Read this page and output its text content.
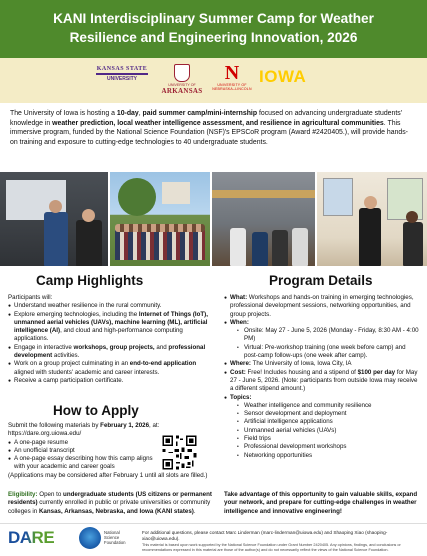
KANI Interdisciplinary Summer Camp for Weather
Resilience and Engineering Innovation, 2026
KANSAS STATE
UNIVERSITY
UNIVERSITY OF
ARKANSAS
N
UNIVERSITY OF NEBRASKA–LINCOLN
IOWA
The University of Iowa is hosting a 10-day, paid summer camp/mini-internship focused on advancing undergraduate students' knowledge in weather prediction, local weather intelligence assessment, and resilience in agricultural communities. This immersive program, funded by the National Science Foundation (NSF)'s EPSCoR program (Award #2420405.), will provide hands-on training and exposure to cutting-edge technologies to 40 undergraduate students.
Camp Highlights

Participants will:

● Understand weather resilience in the rural community.
● Explore emerging technologies, including the Internet of Things (IoT), unmanned aerial vehicles (UAVs), machine learning (ML), artificial intelligence (AI), and cloud and high-performance computing applications.
● Engage in interactive workshops, group projects, and professional development activities.
● Work on a group project culminating in an end-to-end application aligned with students' academic and career interests.
● Receive a camp participation certificate.
How to Apply

Submit the following materials by February 1, 2026, at:

https://dare.org.uiowa.edu/

● A one-page resume
● An unofficial transcript
● A one-page essay describing how this camp aligns with your academic and career goals

(Applications may be considered after February 1 until all slots are filled.)

Eligibility: Open to undergraduate students (US citizens or permanent residents) currently enrolled in public or private universities or community colleges in Kansas, Arkansas, Nebraska, and Iowa (KANI states).
Program Details
● What: Workshops and hands-on training in emerging technologies, professional development sessions, networking opportunities, and group projects.
● When:
• Onsite: May 27 - June 5, 2026 (Monday - Friday, 8:30 AM - 4:00 PM)
• Virtual: Pre-workshop training (one week before camp) and post-camp follow-ups (one week after camp).
● Where: The University of Iowa, Iowa City, IA
● Cost: Free! Includes housing and a stipend of $100 per day for May 27 - June 5, 2026. (Note: participants from outside Iowa may receive a different stipend amount.)
● Topics:
• Weather intelligence and community resilience
• Sensor development and deployment
• Artificial intelligence applications
• Unmanned aerial vehicles (UAVs)
• Field trips
• Professional development workshops
• Networking opportunities
Take advantage of this opportunity to gain valuable skills, expand your network, and prepare for cutting-edge challenges in weather intelligence and innovative engineering!
DARE	National
Science
Foundation
For additional questions, please contact Marc Linderman (marc-linderman@uiowa.edu) and Shaoping Xiao (shaoping-xiao@uiowa.edu).
This material is based upon work supported by the National Science Foundation under Grant Number 2420405. Any opinions, findings, and conclusions or recommendations expressed in this material are those of the author(s) and do not necessarily reflect the views of the National Science Foundation.
